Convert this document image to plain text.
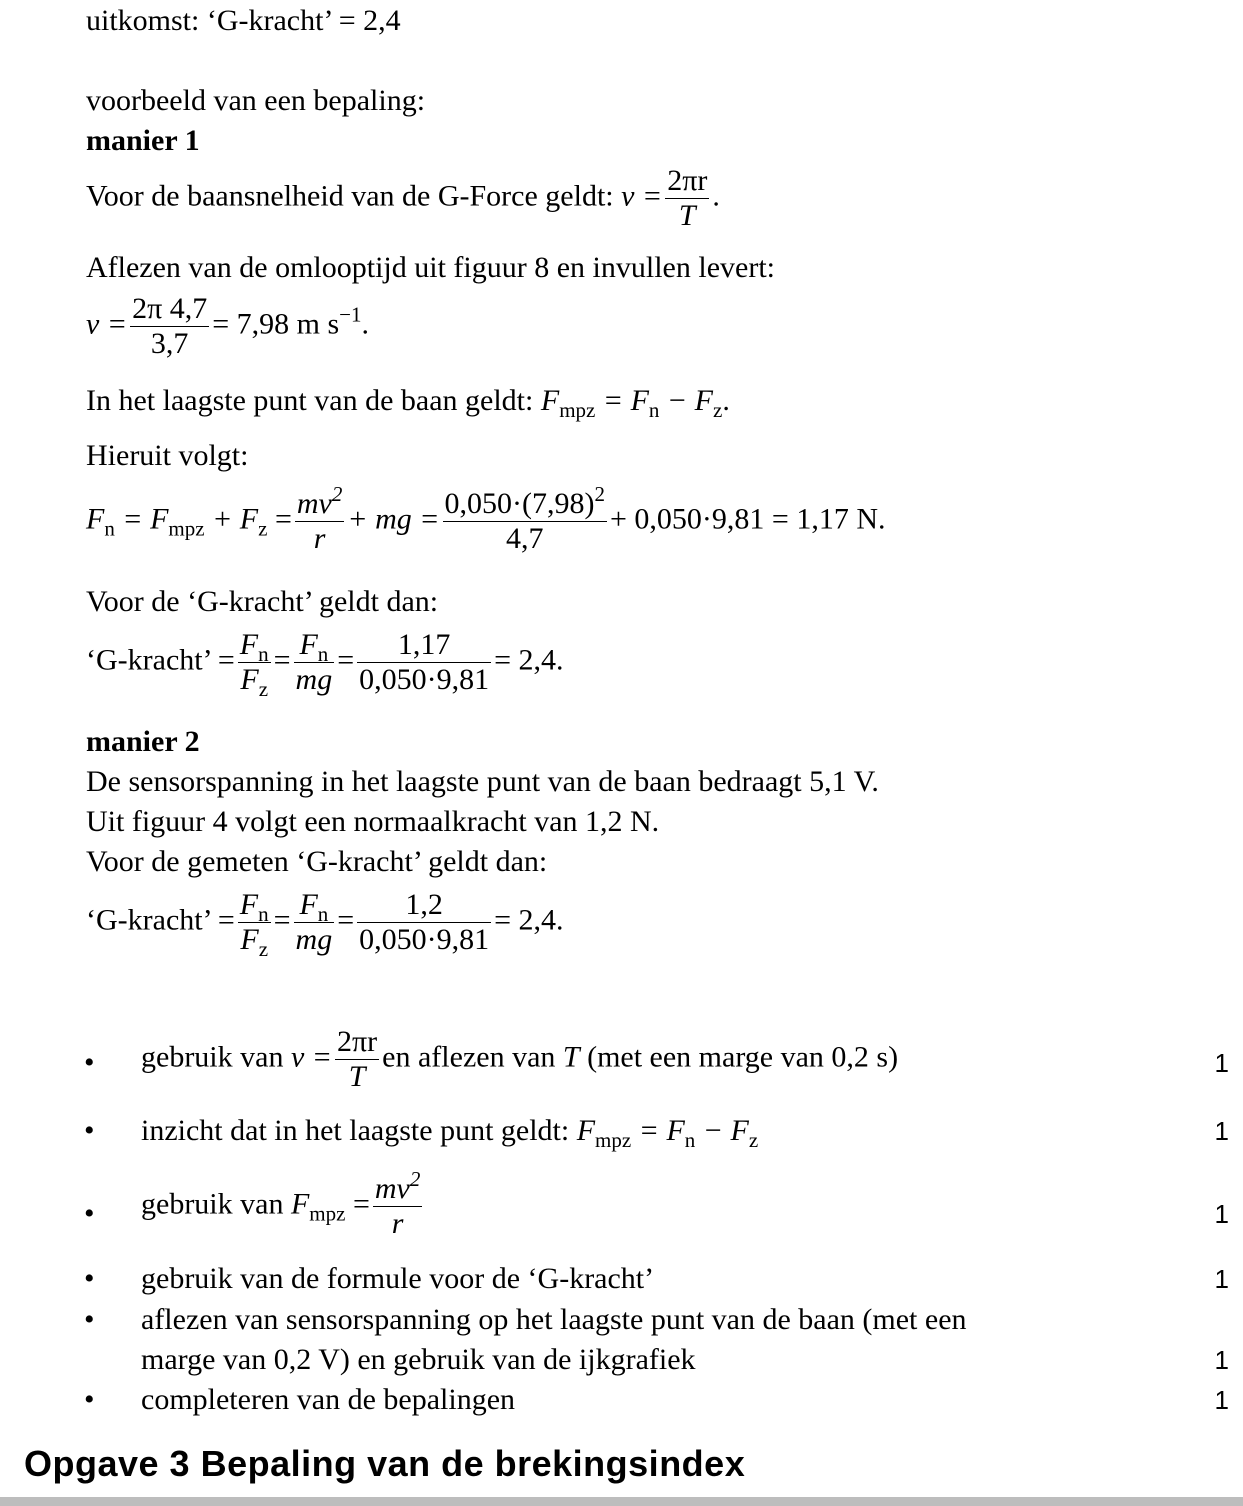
uitkomst: ‘G-kracht’ = 2,4
voorbeeld van een bepaling:
manier 1
Voor de baansnelheid van de G-Force geldt: $v = \frac{2\pi r}{T}$ .
Aflezen van de omlooptijd uit figuur 8 en invullen levert:
$v = \frac{2\pi 4,7}{3,7} = 7,98$ m $s^{-1}$.
In het laagste punt van de baan geldt: $F_{mpz} = F_n - F_z$.
Hieruit volgt:
$F_n = F_{mpz} + F_z = \frac{mv^2}{r}$ + mg = $\frac{0,050\cdot(7,98)^2}{4,7} + 0,050\cdot 9,81 = 1,17$ N.
Voor de ‘G-kracht’ geldt dan:
‘G-kracht’ = $\frac{F_n}{F_z} = \frac{F_n}{mg} = \frac{1,17}{0,050\cdot 9,81} = 2,4$.
manier 2
De sensorspanning in het laagste punt van de baan bedraagt 5,1 V.
Uit figuur 4 volgt een normaalkracht van 1,2 N.
Voor de gemeten ‘G-kracht’ geldt dan:
‘G-kracht’ = $\frac{F_n}{F_z} = \frac{F_n}{mg} = \frac{1,2}{0,050\cdot 9,81} = 2,4$.
• gebruik van $v = \frac{2\pi r}{T}$ en aflezen van T (met een marge van 0,2 s)	1
• inzicht dat in het laagste punt geldt: $F_{mpz} = F_n - F_z$	1
• gebruik van $F_{mpz} = \frac{mv^2}{r}$	1
• gebruik van de formule voor de ‘G-kracht’	1
• aflezen van sensorspanning op het laagste punt van de baan (met een
marge van 0,2 V) en gebruik van de ijkgrafiek	1
• completeren van de bepalingen	1
Opgave 3 Bepaling van de brekingsindex
